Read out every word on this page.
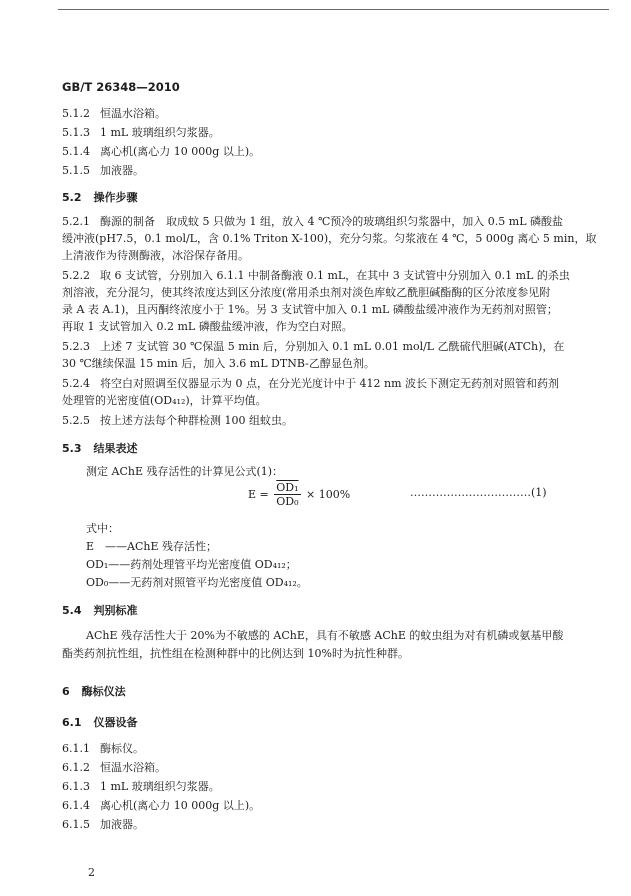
GB/T 26348—2010
5.1.2 恒温水浴箱。
5.1.3 1 mL 玻璃组织匀浆器。
5.1.4 离心机(离心力 10 000g 以上)。
5.1.5 加液器。
5.2 操作步骤
5.2.1 酶源的制备　取成蚊 5 只做为 1 组，放入 4 ℃预冷的玻璃组织匀浆器中，加入 0.5 mL 磷酸盐
缓冲液(pH7.5，0.1 mol/L，含 0.1% Triton X-100)，充分匀浆。匀浆液在 4 ℃，5 000g 离心 5 min，取
上清液作为待测酶液，冰浴保存备用。
5.2.2 取 6 支试管，分别加入 6.1.1 中制备酶液 0.1 mL，在其中 3 支试管中分别加入 0.1 mL 的杀虫
剂溶液，充分混匀，使其终浓度达到区分浓度(常用杀虫剂对淡色库蚊乙酰胆碱酯酶的区分浓度参见附
录 A 表 A.1)，且丙酮终浓度小于 1%。另 3 支试管中加入 0.1 mL 磷酸盐缓冲液作为无药剂对照管；
再取 1 支试管加入 0.2 mL 磷酸盐缓冲液，作为空白对照。
5.2.3 上述 7 支试管 30 ℃保温 5 min 后，分别加入 0.1 mL 0.01 mol/L 乙酰硫代胆碱(ATCh)，在
30 ℃继续保温 15 min 后，加入 3.6 mL DTNB-乙醇显色剂。
5.2.4 将空白对照调至仪器显示为 0 点，在分光光度计中于 412 nm 波长下测定无药剂对照管和药剂
处理管的光密度值(OD₄₁₂)，计算平均值。
5.2.5 按上述方法每个种群检测 100 组蚊虫。
5.3 结果表述
测定 AChE 残存活性的计算见公式(1)：
$E = \frac{\text{OD₁}}{\text{OD₀}} \times 100\%$	……………………………(1)
式中：
E　——AChE 残存活性；
OD₁——药剂处理管平均光密度值 OD₄₁₂；
OD₀——无药剂对照管平均光密度值 OD₄₁₂。
5.4 判别标准
AChE 残存活性大于 20%为不敏感的 AChE，具有不敏感 AChE 的蚊虫组为对有机磷或氨基甲酸
酯类药剂抗性组，抗性组在检测种群中的比例达到 10%时为抗性种群。
6 酶标仪法
6.1 仪器设备
6.1.1 酶标仪。
6.1.2 恒温水浴箱。
6.1.3 1 mL 玻璃组织匀浆器。
6.1.4 离心机(离心力 10 000g 以上)。
6.1.5 加液器。
2
